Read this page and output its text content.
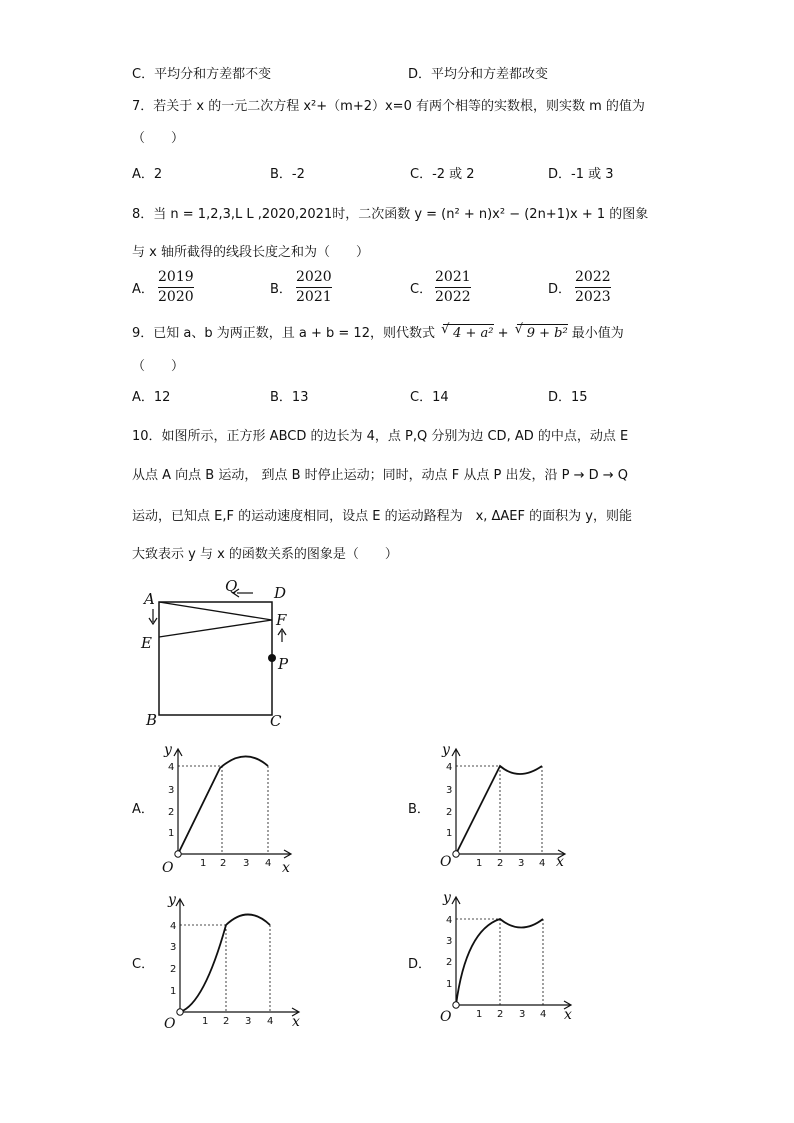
C．平均分和方差都不变	D．平均分和方差都改变
7．若关于 x 的一元二次方程 x²+（m+2）x=0 有两个相等的实数根，则实数 m 的值为
（　　）
A．2	B．-2	C．-2 或 2	D．-1 或 3
8．当 n = 1,2,3,L L ,2020,2021时，二次函数 y = (n² + n)x² − (2n+1)x + 1 的图象
与 x 轴所截得的线段长度之和为（　　）
A．
2019
2020	B．
2020
2021	C．
2021
2022	D．
2022
2023
9．已知 a、b 为两正数，且 a + b = 12，则代数式 √ 4 + a² + √ 9 + b² 最小值为
（　　）
A．12	B．13	C．14	D．15
10．如图所示，正方形 ABCD 的边长为 4，点 P,Q 分别为边 CD, AD 的中点，动点 E
从点 A 向点 B 运动， 到点 B 时停止运动；同时，动点 F 从点 P 出发，沿 P → D → Q
运动，已知点 E,F 的运动速度相同，设点 E 的运动路程为　x, ΔAEF 的面积为 y，则能
大致表示 y 与 x 的函数关系的图象是（　　）
A
B	C
D
E
F
P
Q
A．	B．
C．	D．
y
x
O	1 2 3 4
1
2
3
4
y
x
O 1 2 3 4
1
2
3
4
y
x
O	1 2 3 4
1
2
3
4
y
x
O 1 2 3 4
1
2
3
4
